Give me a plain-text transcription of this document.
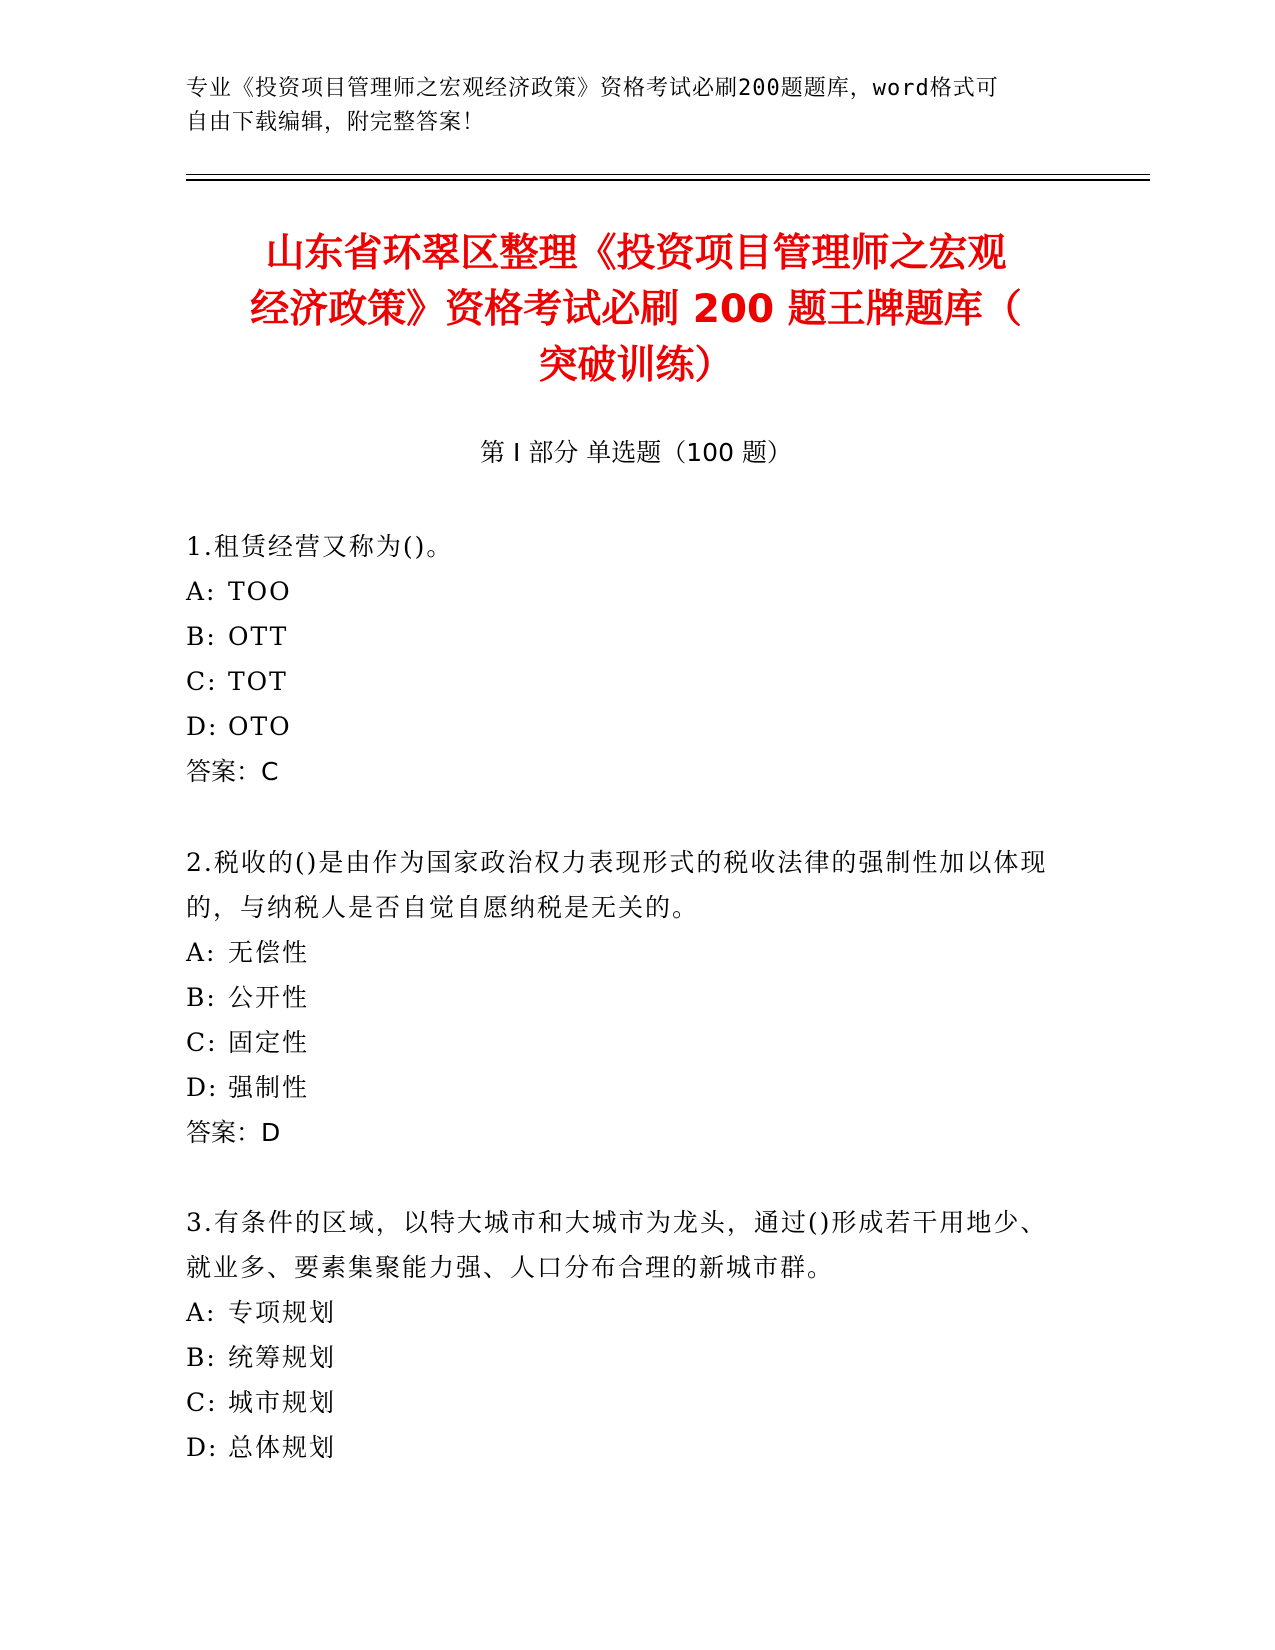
专业《投资项目管理师之宏观经济政策》资格考试必刷200题题库，word格式可
自由下载编辑，附完整答案！
山东省环翠区整理《投资项目管理师之宏观
经济政策》资格考试必刷 200 题王牌题库（
突破训练）
第 I 部分 单选题（100 题）

1.租赁经营又称为()。

A: TOO

B: OTT

C: TOT

D: OTO

答案：C

2.税收的()是由作为国家政治权力表现形式的税收法律的强制性加以体现的，与纳税人是否自觉自愿纳税是无关的。

A: 无偿性

B: 公开性

C: 固定性

D: 强制性

答案：D

3.有条件的区域，以特大城市和大城市为龙头，通过()形成若干用地少、就业多、要素集聚能力强、人口分布合理的新城市群。

A: 专项规划

B: 统筹规划

C: 城市规划

D: 总体规划
